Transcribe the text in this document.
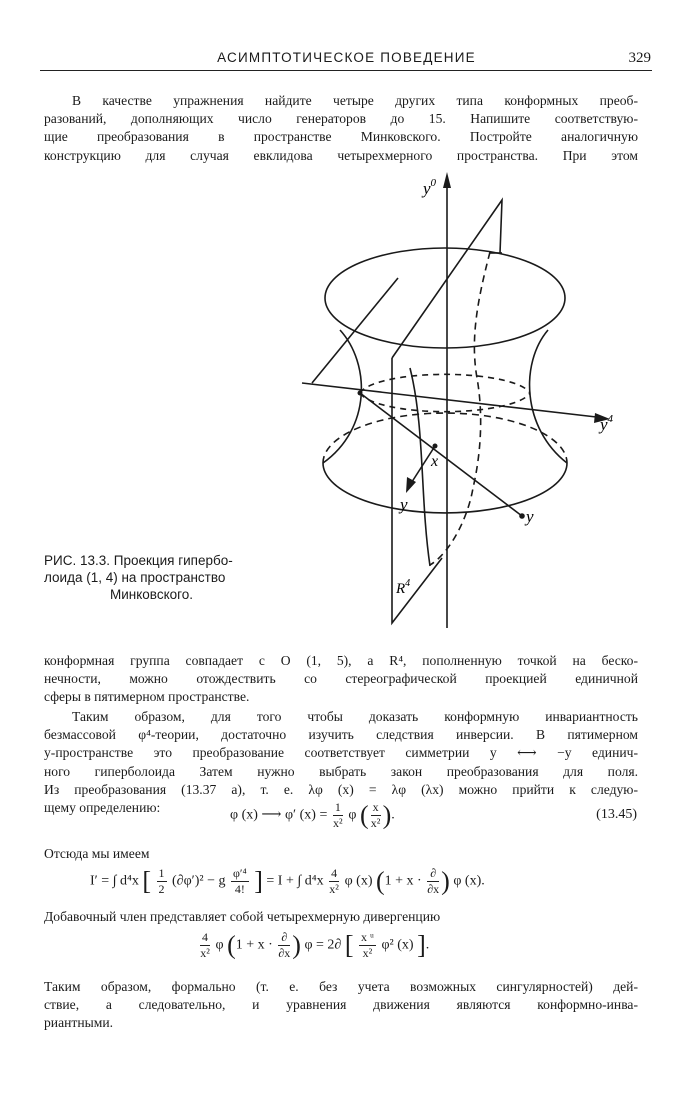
АСИМПТОТИЧЕСКОЕ ПОВЕДЕНИЕ	329
В качестве упражнения найдите четыре других типа конформных преоб-
разований, дополняющих число генераторов до 15. Напишите соответствую-
щие преобразования в пространстве Минковского. Постройте аналогичную
конструкцию для случая евклидова четырехмерного пространства. При этом
$y^0$
$y^4$
x
y
y
$R^4$
РИС. 13.3. Проекция гипербо-
лоида (1, 4) на пространство
Минковского.
конформная группа совпадает с O (1, 5), а R⁴, пополненную точкой на беско-
нечности, можно отождествить со стереографической проекцией единичной
сферы в пятимерном пространстве.
Таким образом, для того чтобы доказать конформную инвариантность
безмассовой φ⁴-теории, достаточно изучить следствия инверсии. В пятимерном
y-пространстве это преобразование соответствует симметрии y ⟷ −y единич-
ного гиперболоида Затем нужно выбрать закон преобразования для поля.
Из преобразования (13.37 а), т. е. λφ (x) = λφ (λx) можно прийти к следую-
щему определению:
φ (x) ⟶ φ′ $(x) = \frac{1}{\text{x²}}$ φ ( $\frac{x}{\text{x²}}$ ).	(13.45)
Отсюда мы имеем
I′ = ∫ d⁴x [ $\frac{1}{2} (\partial\varphi')^2 - g \frac{\text{φ′⁴}}{4!}$ ] = I + ∫ $d^4x \frac{4}{\text{x²}}$ φ (x) ($1 + x \cdot \frac{\partial}{\partial x}$ ) φ (x).
Добавочный член представляет собой четырехмерную дивергенцию
$\frac{4}{\text{x²}}$ φ ($1 + x \cdot \frac{\partial}{\partial x}$ ) φ = 2∂ [ $\frac{\text{x ᵘ}}{\text{x²}} \varphi^2$ (x) ].
Таким образом, формально (т. е. без учета возможных сингулярностей) дей-
ствие, а следовательно, и уравнения движения являются конформно-инва-
риантными.
